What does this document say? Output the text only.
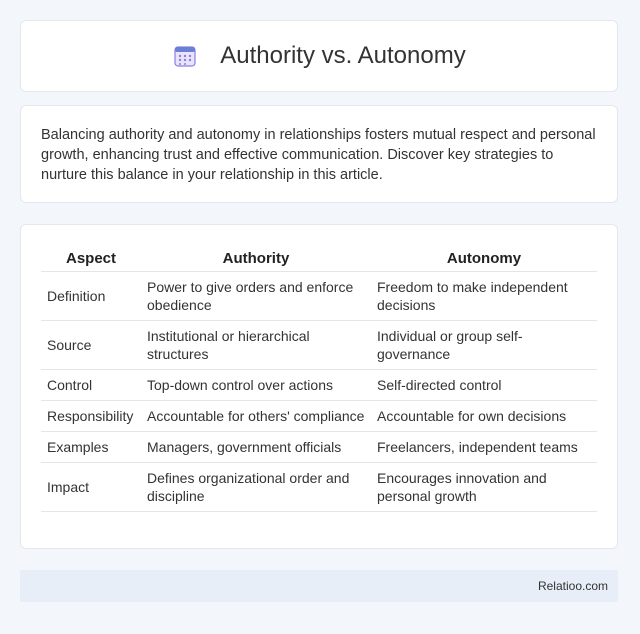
Authority vs. Autonomy

Balancing authority and autonomy in relationships fosters mutual respect and personal growth, enhancing trust and effective communication. Discover key strategies to nurture this balance in your relationship in this article.

Aspect	Authority	Autonomy
Definition	Power to give orders and enforce obedience	Freedom to make independent decisions
Source	Institutional or hierarchical structures	Individual or group self-governance
Control	Top-down control over actions	Self-directed control
Responsibility	Accountable for others' compliance	Accountable for own decisions
Examples	Managers, government officials	Freelancers, independent teams
Impact	Defines organizational order and discipline	Encourages innovation and personal growth
Relatioo.com
